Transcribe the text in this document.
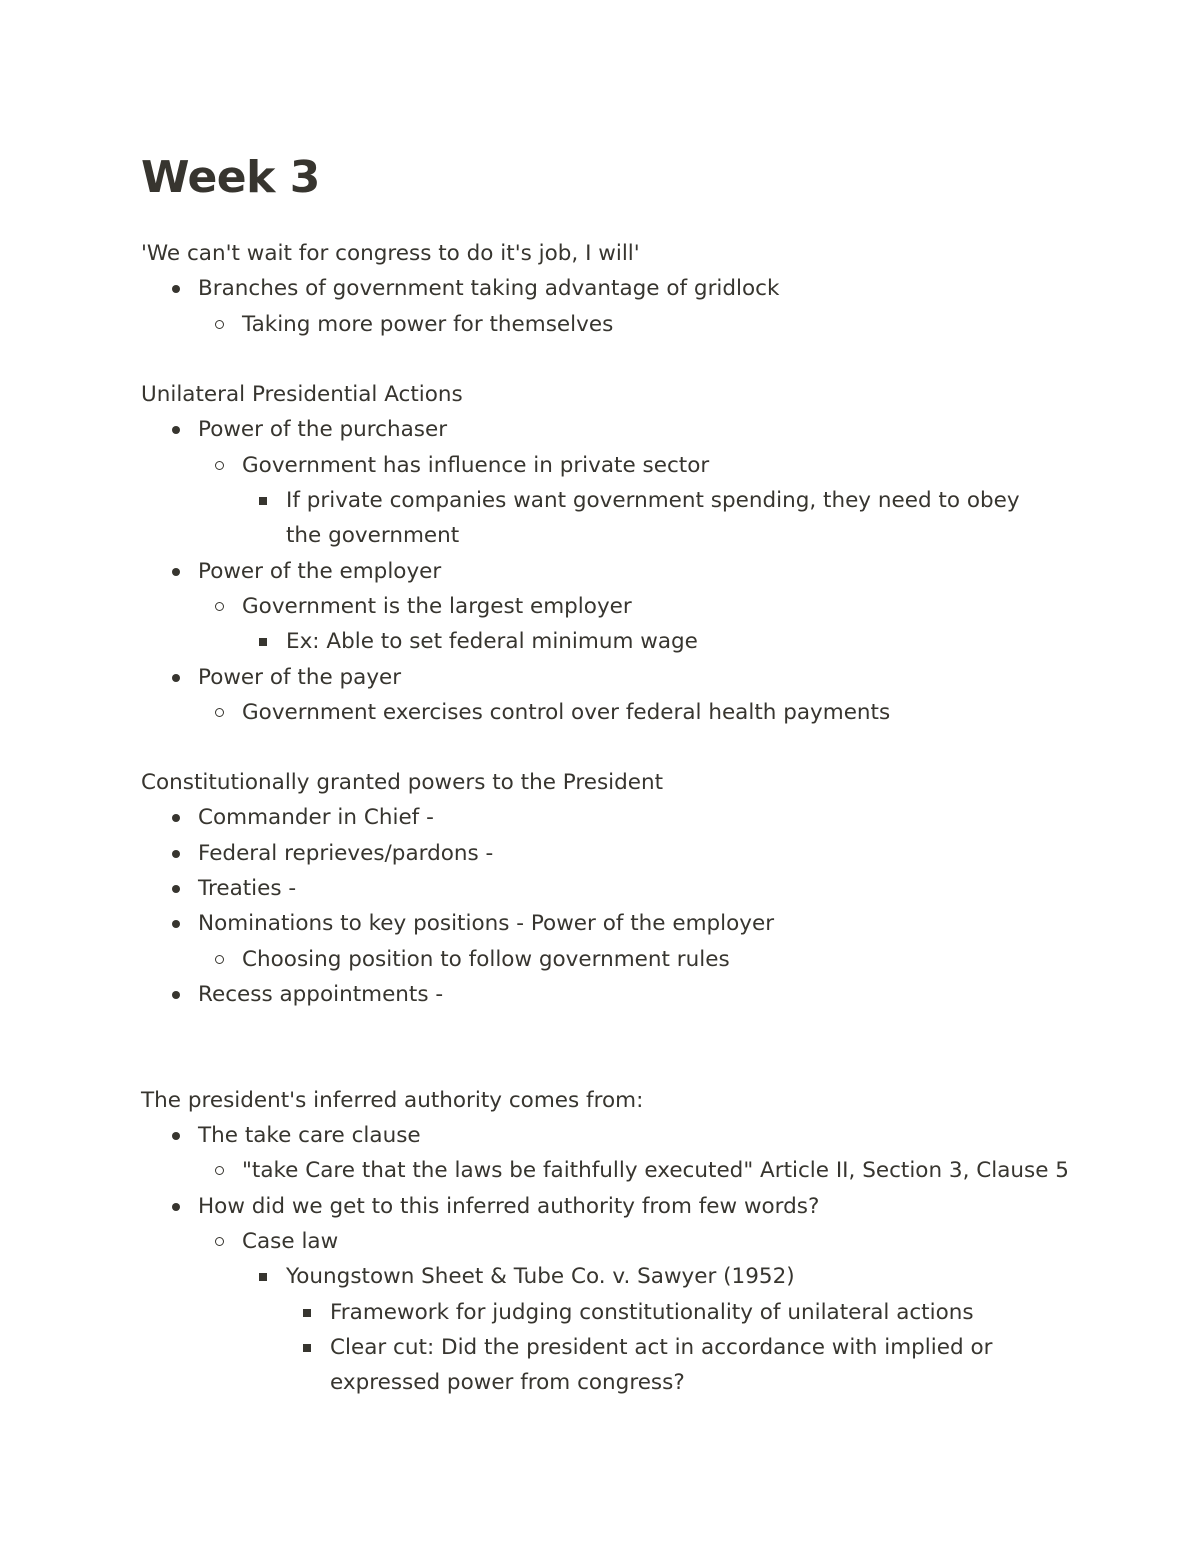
Week 3
'We can't wait for congress to do it's job, I will'
Branches of government taking advantage of gridlock
Taking more power for themselves
Unilateral Presidential Actions
Power of the purchaser
Government has influence in private sector
If private companies want government spending, they need to obey the government
Power of the employer
Government is the largest employer
Ex: Able to set federal minimum wage
Power of the payer
Government exercises control over federal health payments
Constitutionally granted powers to the President
Commander in Chief -
Federal reprieves/pardons -
Treaties -
Nominations to key positions - Power of the employer
Choosing position to follow government rules
Recess appointments -
The president's inferred authority comes from:
The take care clause
"take Care that the laws be faithfully executed" Article II, Section 3, Clause 5
How did we get to this inferred authority from few words?
Case law
Youngstown Sheet & Tube Co. v. Sawyer (1952)
Framework for judging constitutionality of unilateral actions
Clear cut: Did the president act in accordance with implied or expressed power from congress?
